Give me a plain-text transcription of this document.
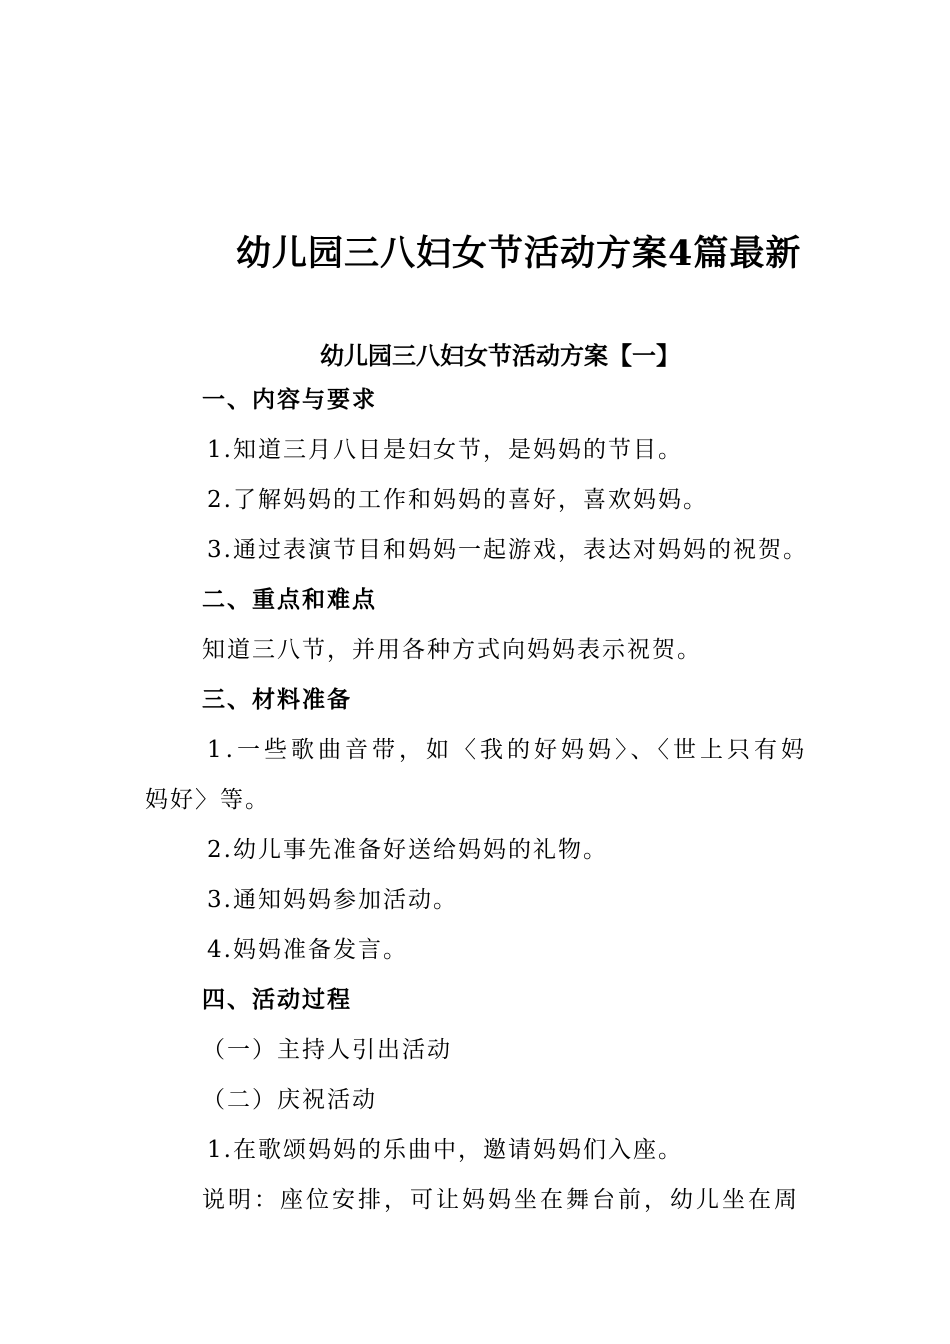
幼儿园三八妇女节活动方案4篇最新
幼儿园三八妇女节活动方案【一】
一、内容与要求
1.知道三月八日是妇女节，是妈妈的节目。
2.了解妈妈的工作和妈妈的喜好，喜欢妈妈。
3.通过表演节目和妈妈一起游戏，表达对妈妈的祝贺。
二、重点和难点
知道三八节，并用各种方式向妈妈表示祝贺。
三、材料准备
1.一些歌曲音带，如〈我的好妈妈〉、〈世上只有妈
妈好〉等。
2.幼儿事先准备好送给妈妈的礼物。
3.通知妈妈参加活动。
4.妈妈准备发言。
四、活动过程
（一）主持人引出活动
（二）庆祝活动
1.在歌颂妈妈的乐曲中，邀请妈妈们入座。
说明：座位安排，可让妈妈坐在舞台前，幼儿坐在周
